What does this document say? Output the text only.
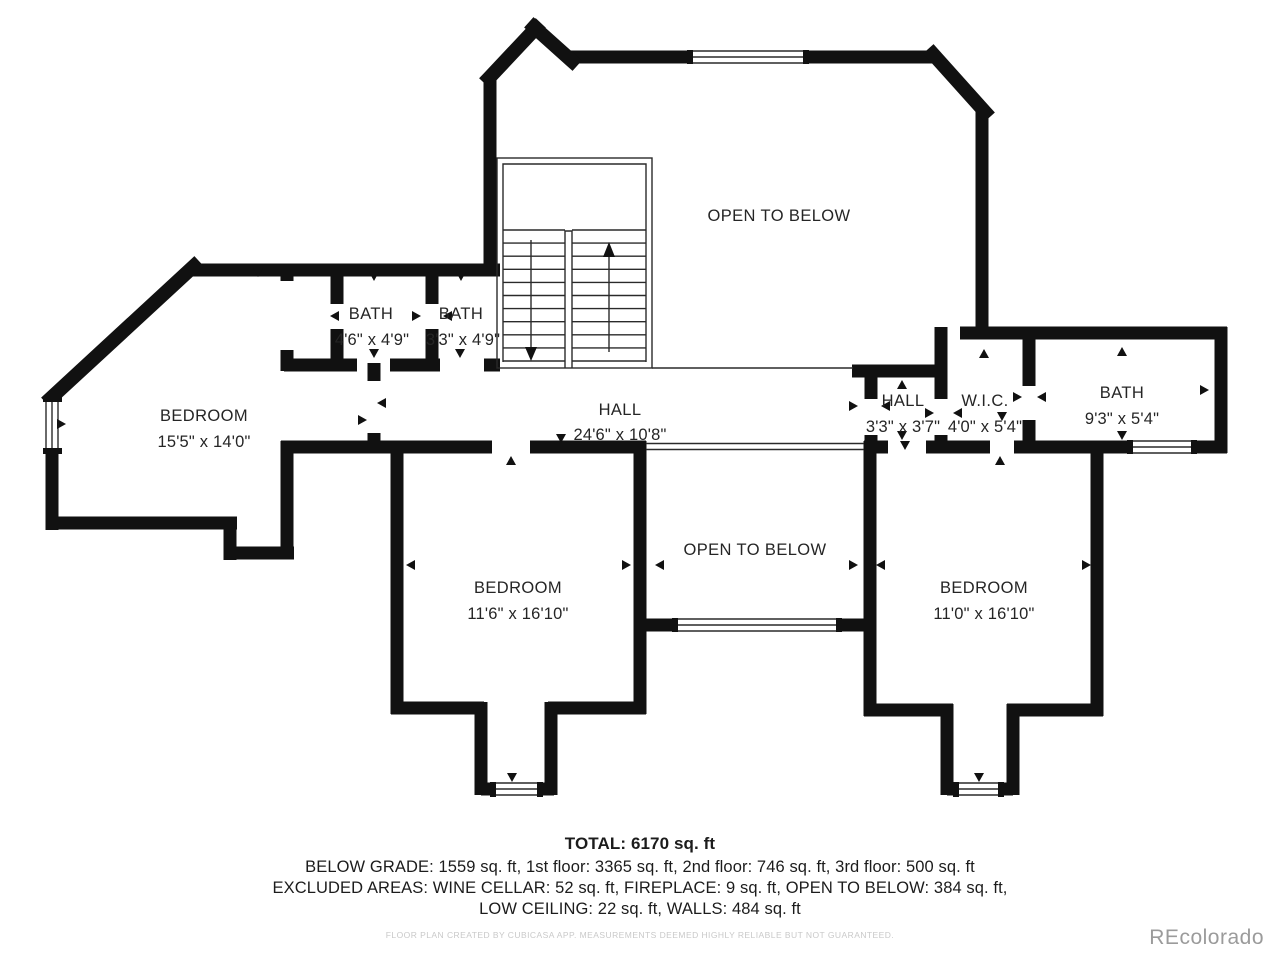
BATH
4'6" x 4'9"
BATH
3'3" x 4'9"
OPEN TO BELOW
BEDROOM
15'5" x 14'0"
HALL
24'6" x 10'8"
HALL
3'3" x 3'7"
W.I.C.
4'0" x 5'4"
BATH
9'3" x 5'4"
BEDROOM
11'6" x 16'10"
OPEN TO BELOW
BEDROOM
11'0" x 16'10"
TOTAL: 6170 sq. ft
BELOW GRADE: 1559 sq. ft, 1st floor: 3365 sq. ft, 2nd floor: 746 sq. ft, 3rd floor: 500 sq. ft
EXCLUDED AREAS: WINE CELLAR: 52 sq. ft, FIREPLACE: 9 sq. ft, OPEN TO BELOW: 384 sq. ft,
LOW CEILING: 22 sq. ft, WALLS: 484 sq. ft
FLOOR PLAN CREATED BY CUBICASA APP. MEASUREMENTS DEEMED HIGHLY RELIABLE BUT NOT GUARANTEED.	REcolorado
